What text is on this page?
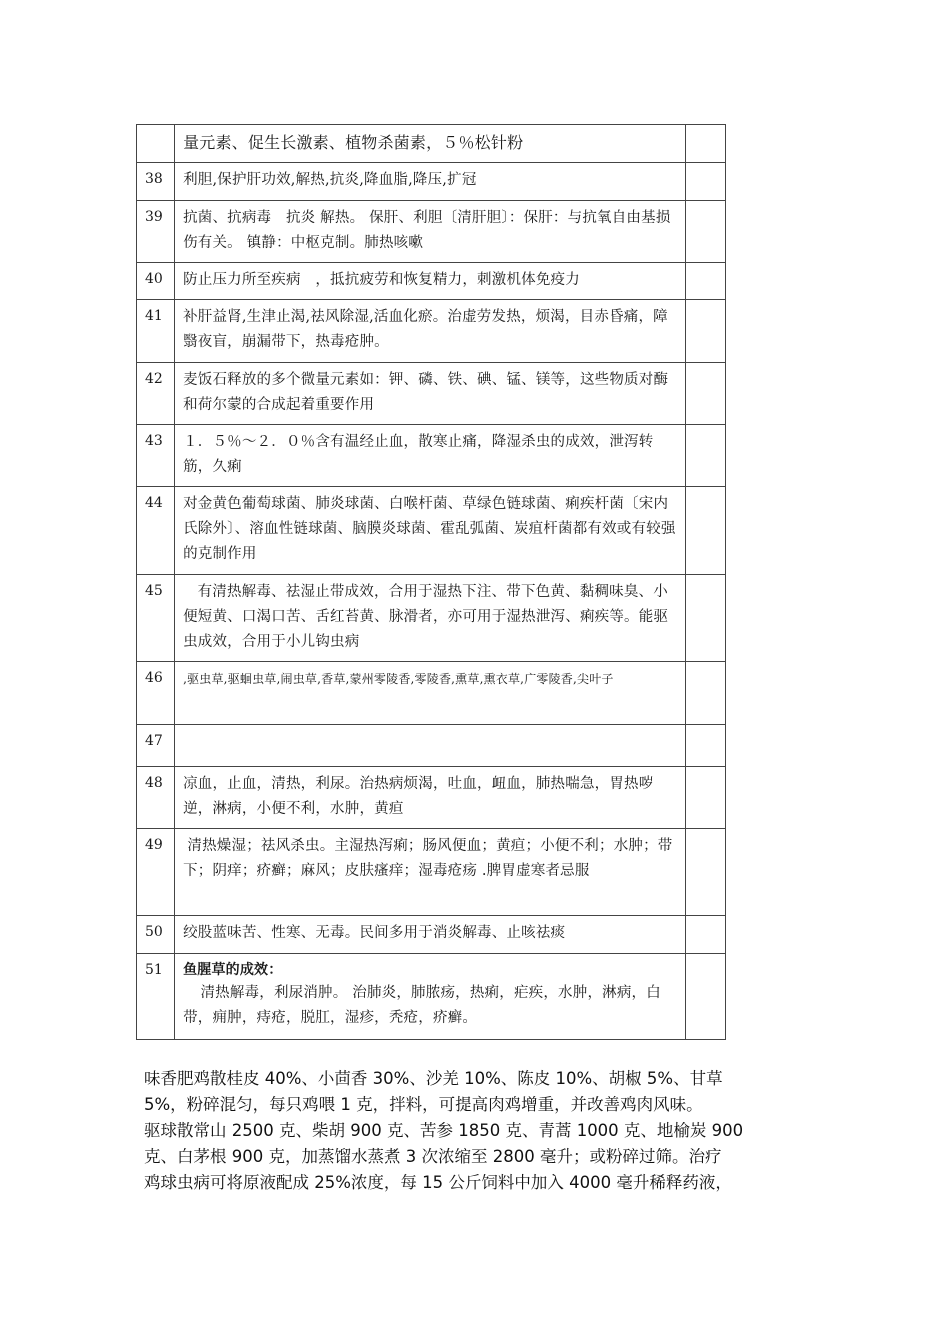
	量元素、促生长激素、植物杀菌素，５％松针粉	
38	利胆,保护肝功效,解热,抗炎,降血脂,降压,扩冠	
39	抗菌、抗病毒　抗炎 解热。 保肝、利胆〔清肝胆〕：保肝：与抗氧自由基损伤有关。 镇静：中枢克制。肺热咳嗽	
40	防止压力所至疾病　，抵抗疲劳和恢复精力，刺激机体免疫力	
41	补肝益肾,生津止渴,祛风除湿,活血化瘀。治虚劳发热，烦渴，目赤昏痛，障翳夜盲，崩漏带下，热毒疮肿。	
42	麦饭石释放的多个微量元素如：钾、磷、铁、碘、锰、镁等，这些物质对酶和荷尔蒙的合成起着重要作用	
43	１．５％～２．０％含有温经止血，散寒止痛，降湿杀虫的成效，泄泻转筋，久痢	
44	对金黄色葡萄球菌、肺炎球菌、白喉杆菌、草绿色链球菌、痢疾杆菌〔宋内氏除外〕、溶血性链球菌、脑膜炎球菌、霍乱弧菌、炭疽杆菌都有效或有较强的克制作用	
45	有清热解毒、祛湿止带成效，合用于湿热下注、带下色黄、黏稠味臭、小便短黄、口渴口苦、舌红苔黄、脉滑者，亦可用于湿热泄泻、痢疾等。能驱虫成效，合用于小儿钩虫病	
46	,驱虫草,驱蛔虫草,闹虫草,香草,蒙州零陵香,零陵香,熏草,熏衣草,广零陵香,尖叶子	
47		
48	凉血，止血，清热，利尿。治热病烦渴，吐血，衄血，肺热喘急，胃热哕逆，淋病，小便不利，水肿，黄疸	
49	清热燥湿；祛风杀虫。主湿热泻痢；肠风便血；黄疸；小便不利；水肿；带下；阴痒；疥癣；麻风；皮肤瘙痒；湿毒疮疡 .脾胃虚寒者忌服	
50	绞股蓝味苦、性寒、无毒。民间多用于消炎解毒、止咳祛痰	
51	鱼腥草的成效：
清热解毒，利尿消肿。 治肺炎，肺脓疡，热痢，疟疾，水肿，淋病，白带，痈肿，痔疮，脱肛，湿疹，秃疮，疥癣。	

味香肥鸡散桂皮 40%、小茴香 30%、沙羌 10%、陈皮 10%、胡椒 5%、甘草
5%，粉碎混匀，每只鸡喂 1 克，拌料，可提高肉鸡增重，并改善鸡肉风味。
驱球散常山 2500 克、柴胡 900 克、苦参 1850 克、青蒿 1000 克、地榆炭 900
克、白茅根 900 克，加蒸馏水蒸煮 3 次浓缩至 2800 毫升；或粉碎过筛。治疗
鸡球虫病可将原液配成 25%浓度，每 15 公斤饲料中加入 4000 毫升稀释药液，
